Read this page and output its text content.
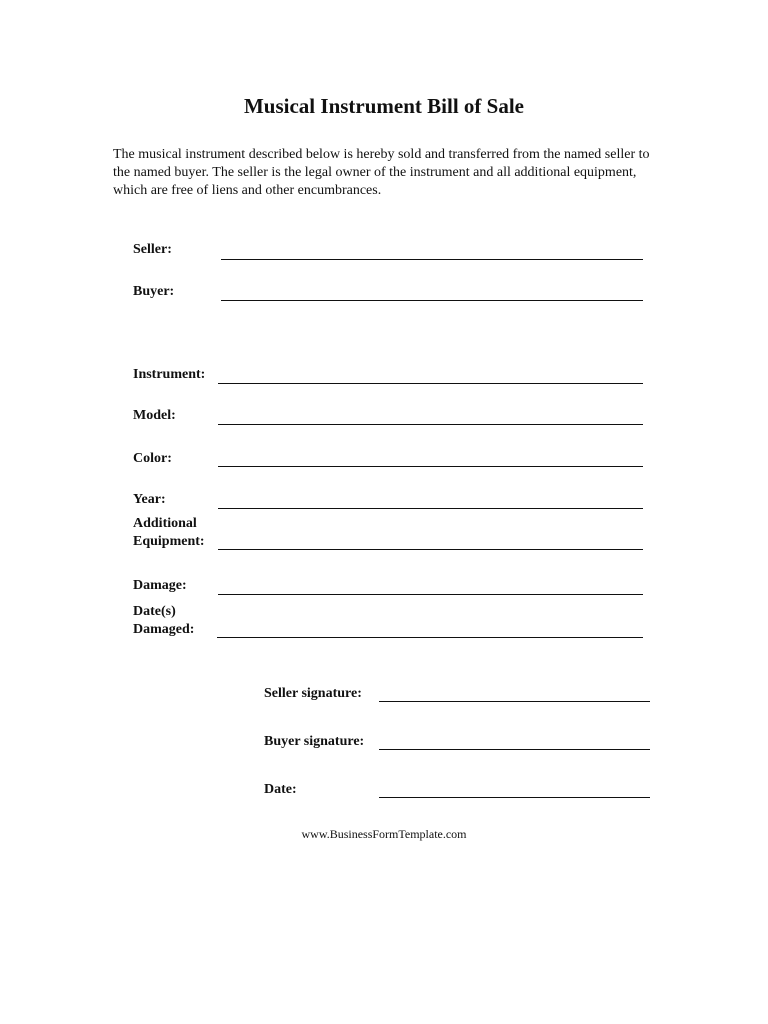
Musical Instrument Bill of Sale
The musical instrument described below is hereby sold and transferred from the named seller to the named buyer. The seller is the legal owner of the instrument and all additional equipment, which are free of liens and other encumbrances.
Seller:
Buyer:
Instrument:
Model:
Color:
Year:
Additional
Equipment:
Damage:
Date(s)
Damaged:
Seller signature:
Buyer signature:
Date:
www.BusinessFormTemplate.com
